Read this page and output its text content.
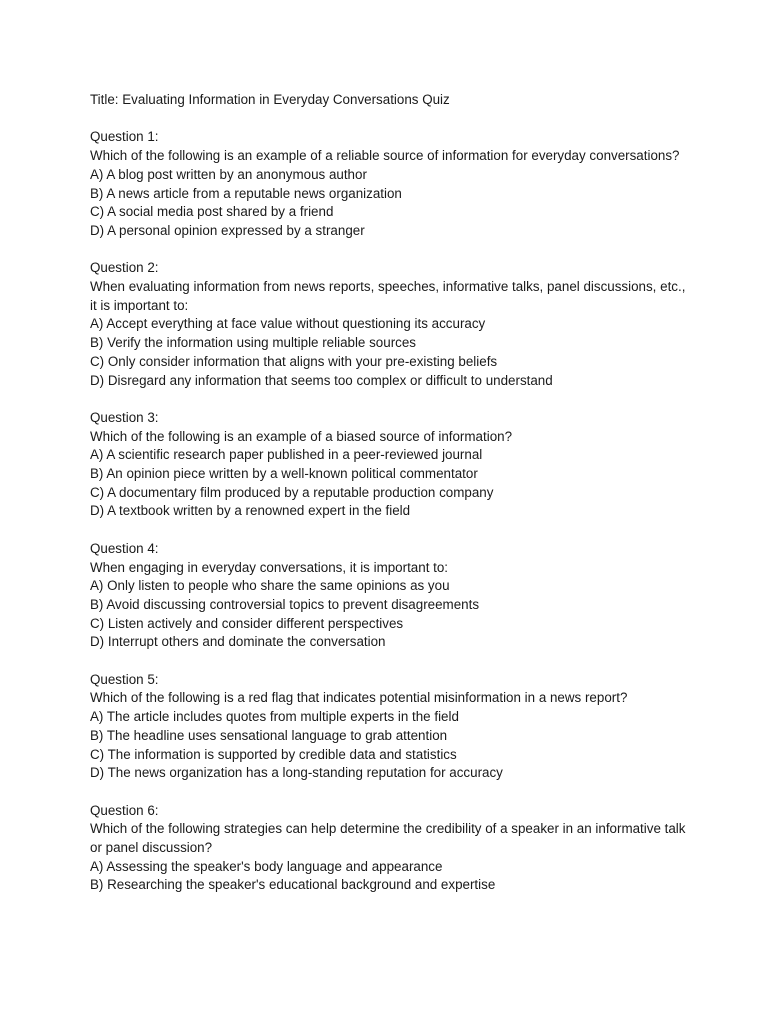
Title: Evaluating Information in Everyday Conversations Quiz
Question 1:
Which of the following is an example of a reliable source of information for everyday conversations?
A) A blog post written by an anonymous author
B) A news article from a reputable news organization
C) A social media post shared by a friend
D) A personal opinion expressed by a stranger
Question 2:
When evaluating information from news reports, speeches, informative talks, panel discussions, etc., it is important to:
A) Accept everything at face value without questioning its accuracy
B) Verify the information using multiple reliable sources
C) Only consider information that aligns with your pre-existing beliefs
D) Disregard any information that seems too complex or difficult to understand
Question 3:
Which of the following is an example of a biased source of information?
A) A scientific research paper published in a peer-reviewed journal
B) An opinion piece written by a well-known political commentator
C) A documentary film produced by a reputable production company
D) A textbook written by a renowned expert in the field
Question 4:
When engaging in everyday conversations, it is important to:
A) Only listen to people who share the same opinions as you
B) Avoid discussing controversial topics to prevent disagreements
C) Listen actively and consider different perspectives
D) Interrupt others and dominate the conversation
Question 5:
Which of the following is a red flag that indicates potential misinformation in a news report?
A) The article includes quotes from multiple experts in the field
B) The headline uses sensational language to grab attention
C) The information is supported by credible data and statistics
D) The news organization has a long-standing reputation for accuracy
Question 6:
Which of the following strategies can help determine the credibility of a speaker in an informative talk or panel discussion?
A) Assessing the speaker's body language and appearance
B) Researching the speaker's educational background and expertise
